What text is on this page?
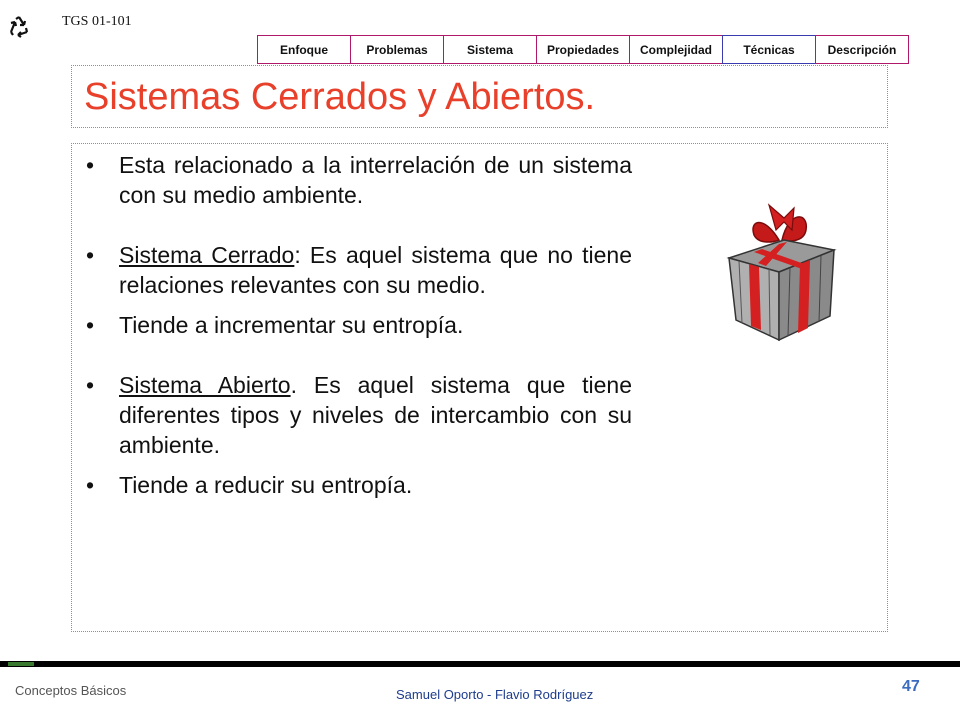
TGS 01-101
Enfoque	Problemas	Sistema	Propiedades	Complejidad	Técnicas	Descripción
Sistemas Cerrados y Abiertos.
• Esta relacionado a la interrelación de un sistema con su medio ambiente.
• Sistema Cerrado: Es aquel sistema que no tiene relaciones relevantes con su medio.
• Tiende a incrementar su entropía.
• Sistema Abierto. Es aquel sistema que tiene diferentes tipos y niveles de intercambio con su ambiente.
• Tiende a reducir su entropía.
Conceptos Básicos	Samuel Oporto - Flavio Rodríguez	47
